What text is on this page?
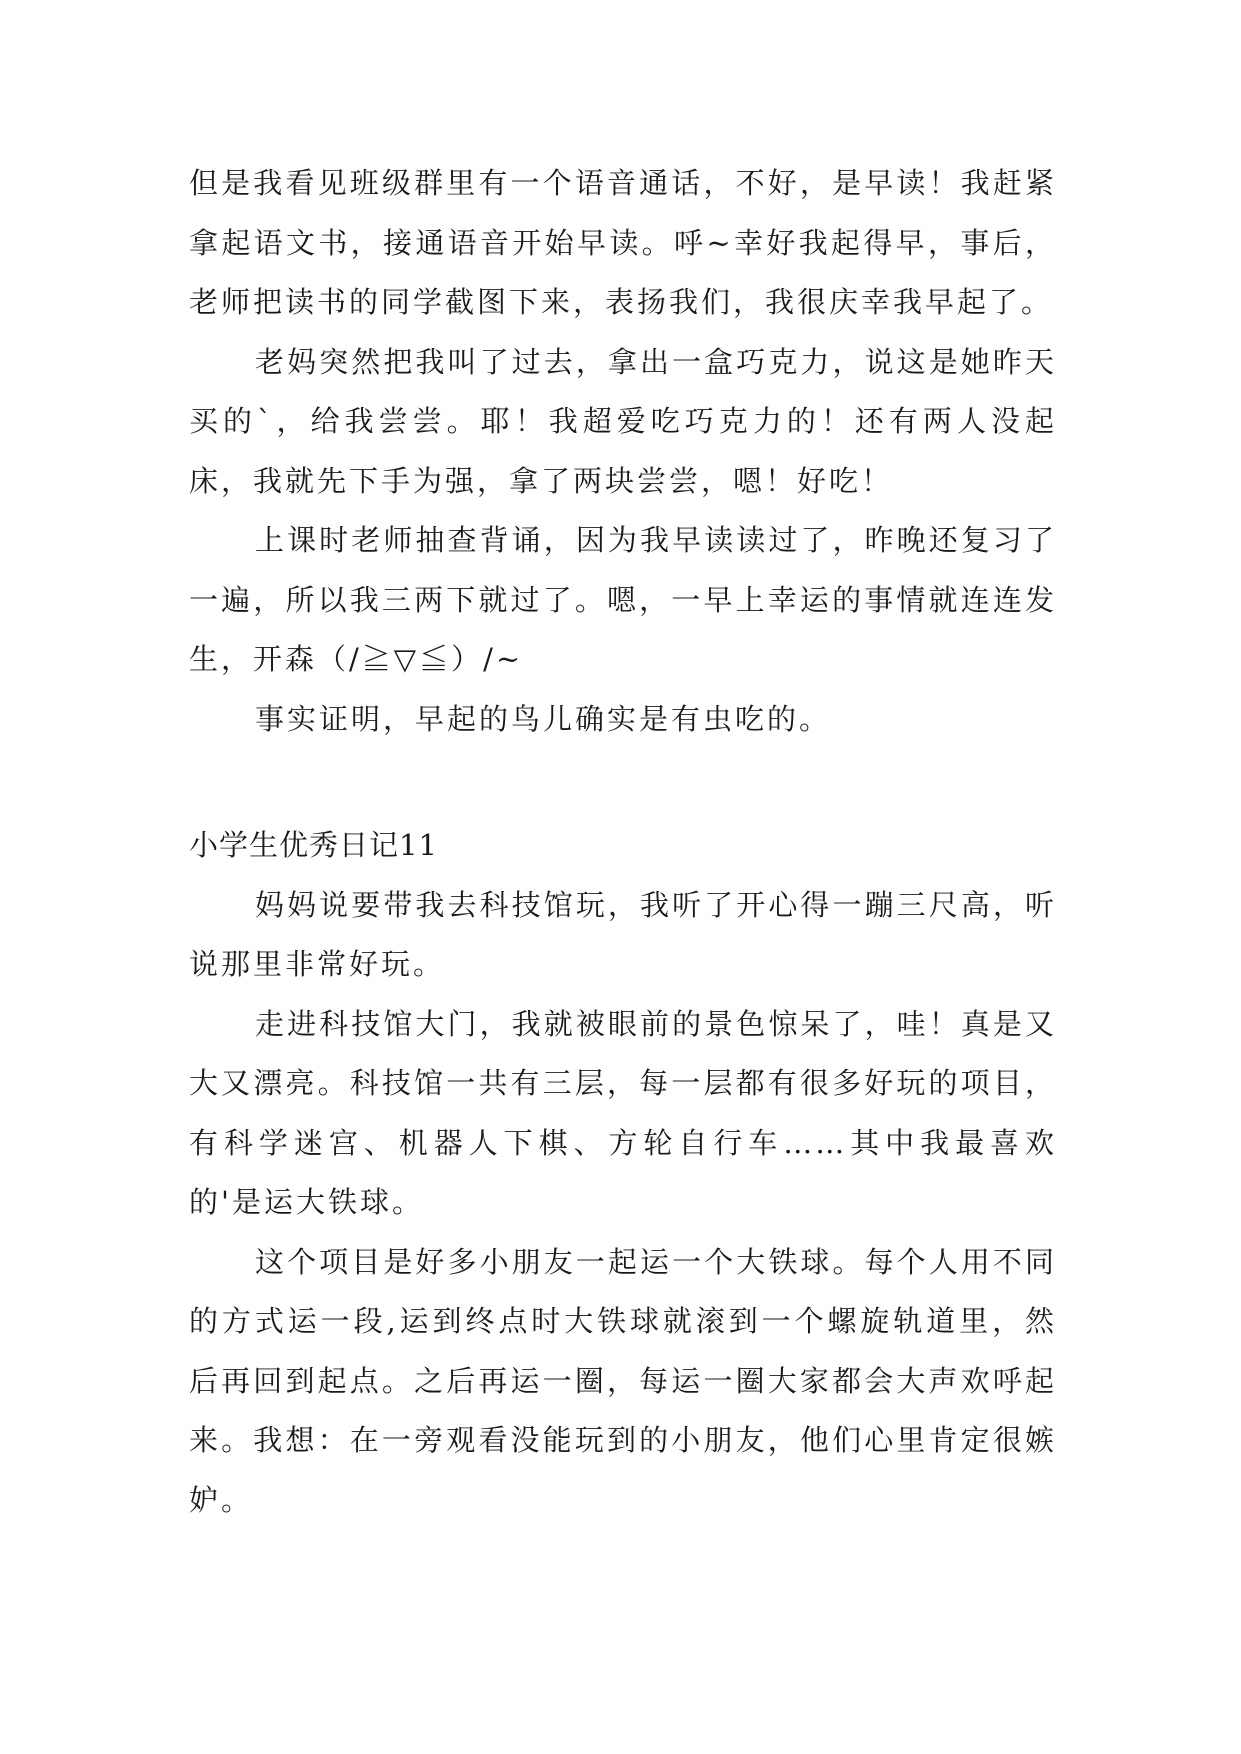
但是我看见班级群里有一个语音通话，不好，是早读！我赶紧拿起语文书，接通语音开始早读。呼~幸好我起得早，事后，老师把读书的同学截图下来，表扬我们，我很庆幸我早起了。

老妈突然把我叫了过去，拿出一盒巧克力，说这是她昨天买的`，给我尝尝。耶！我超爱吃巧克力的！还有两人没起床，我就先下手为强，拿了两块尝尝，嗯！好吃！

上课时老师抽查背诵，因为我早读读过了，昨晚还复习了一遍，所以我三两下就过了。嗯，一早上幸运的事情就连连发生，开森（/≧▽≦）/~

事实证明，早起的鸟儿确实是有虫吃的。

小学生优秀日记11

妈妈说要带我去科技馆玩，我听了开心得一蹦三尺高，听说那里非常好玩。

走进科技馆大门，我就被眼前的景色惊呆了，哇！真是又大又漂亮。科技馆一共有三层，每一层都有很多好玩的项目，有科学迷宫、机器人下棋、方轮自行车……其中我最喜欢的'是运大铁球。

这个项目是好多小朋友一起运一个大铁球。每个人用不同的方式运一段,运到终点时大铁球就滚到一个螺旋轨道里，然后再回到起点。之后再运一圈，每运一圈大家都会大声欢呼起来。我想：在一旁观看没能玩到的小朋友，他们心里肯定很嫉妒。
